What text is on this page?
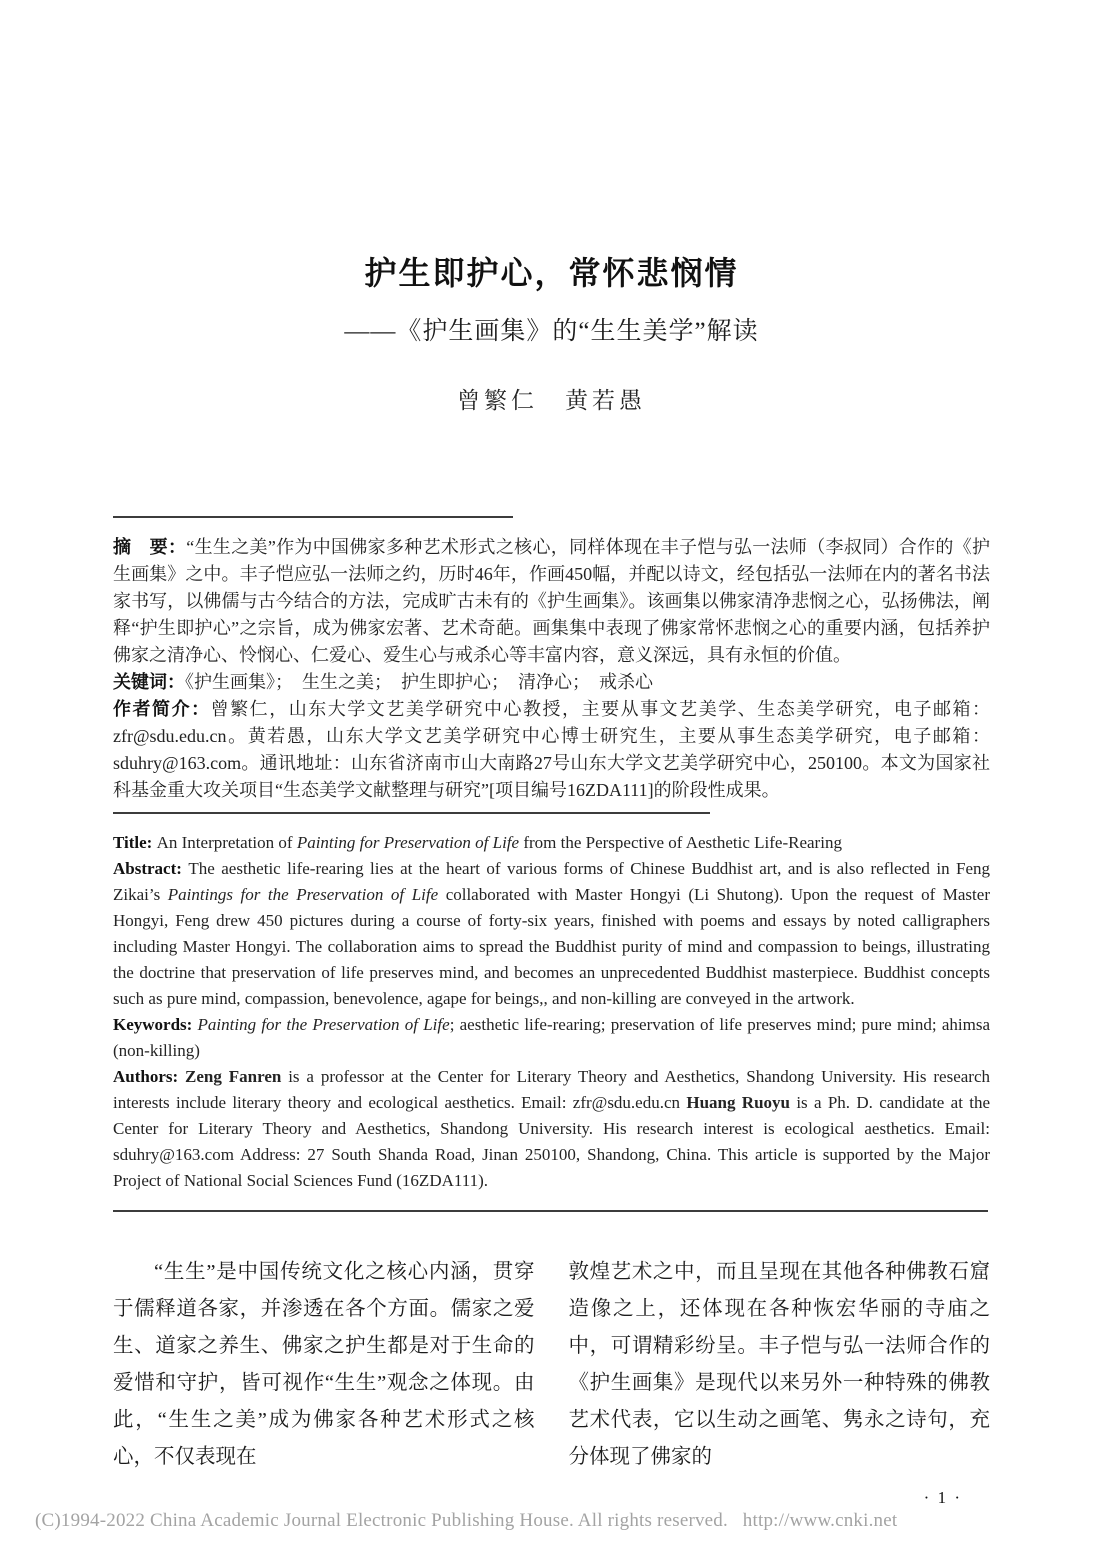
护生即护心，常怀悲悯情
——《护生画集》的“生生美学”解读
曾繁仁　黄若愚

摘　要：“生生之美”作为中国佛家多种艺术形式之核心，同样体现在丰子恺与弘一法师（李叔同）合作的《护生画集》之中。丰子恺应弘一法师之约，历时46年，作画450幅，并配以诗文，经包括弘一法师在内的著名书法家书写，以佛儒与古今结合的方法，完成旷古未有的《护生画集》。该画集以佛家清净悲悯之心，弘扬佛法，阐释“护生即护心”之宗旨，成为佛家宏著、艺术奇葩。画集集中表现了佛家常怀悲悯之心的重要内涵，包括养护佛家之清净心、怜悯心、仁爱心、爱生心与戒杀心等丰富内容，意义深远，具有永恒的价值。

关键词：《护生画集》；　生生之美；　护生即护心；　清净心；　戒杀心

作者简介：曾繁仁，山东大学文艺美学研究中心教授，主要从事文艺美学、生态美学研究，电子邮箱：zfr@sdu.edu.cn。黄若愚，山东大学文艺美学研究中心博士研究生，主要从事生态美学研究，电子邮箱：sduhry@163.com。通讯地址：山东省济南市山大南路27号山东大学文艺美学研究中心，250100。本文为国家社科基金重大攻关项目“生态美学文献整理与研究”[项目编号16ZDA111]的阶段性成果。

Title: An Interpretation of Painting for Preservation of Life from the Perspective of Aesthetic Life-Rearing

Abstract: The aesthetic life-rearing lies at the heart of various forms of Chinese Buddhist art, and is also reflected in Feng Zikai’s Paintings for the Preservation of Life collaborated with Master Hongyi (Li Shutong). Upon the request of Master Hongyi, Feng drew 450 pictures during a course of forty-six years, finished with poems and essays by noted calligraphers including Master Hongyi. The collaboration aims to spread the Buddhist purity of mind and compassion to beings, illustrating the doctrine that preservation of life preserves mind, and becomes an unprecedented Buddhist masterpiece. Buddhist concepts such as pure mind, compassion, benevolence, agape for beings,, and non-killing are conveyed in the artwork.

Keywords: Painting for the Preservation of Life; aesthetic life-rearing; preservation of life preserves mind; pure mind; ahimsa (non-killing)

Authors: Zeng Fanren is a professor at the Center for Literary Theory and Aesthetics, Shandong University. His research interests include literary theory and ecological aesthetics. Email: zfr@sdu.edu.cn Huang Ruoyu is a Ph. D. candidate at the Center for Literary Theory and Aesthetics, Shandong University. His research interest is ecological aesthetics. Email: sduhry@163.com Address: 27 South Shanda Road, Jinan 250100, Shandong, China. This article is supported by the Major Project of National Social Sciences Fund (16ZDA111).

“生生”是中国传统文化之核心内涵，贯穿于儒释道各家，并渗透在各个方面。儒家之爱生、道家之养生、佛家之护生都是对于生命的爱惜和守护，皆可视作“生生”观念之体现。由此，“生生之美”成为佛家各种艺术形式之核心，不仅表现在

敦煌艺术之中，而且呈现在其他各种佛教石窟造像之上，还体现在各种恢宏华丽的寺庙之中，可谓精彩纷呈。丰子恺与弘一法师合作的《护生画集》是现代以来另外一种特殊的佛教艺术代表，它以生动之画笔、隽永之诗句，充分体现了佛家的

· 1 ·
(C)1994-2022 China Academic Journal Electronic Publishing House. All rights reserved.   http://www.cnki.net
